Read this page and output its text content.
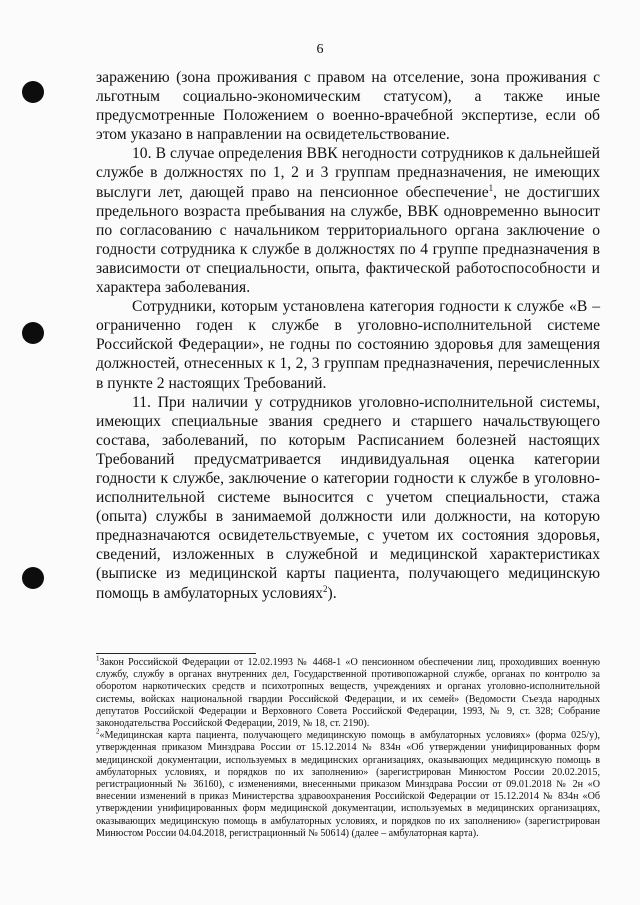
6

заражению (зона проживания с правом на отселение, зона проживания с льготным социально-экономическим статусом), а также иные предусмотренные Положением о военно-врачебной экспертизе, если об этом указано в направлении на освидетельствование.

10. В случае определения ВВК негодности сотрудников к дальнейшей службе в должностях по 1, 2 и 3 группам предназначения, не имеющих выслуги лет, дающей право на пенсионное обеспечение$^1$, не достигших предельного возраста пребывания на службе, ВВК одновременно выносит по согласованию с начальником территориального органа заключение о годности сотрудника к службе в должностях по 4 группе предназначения в зависимости от специальности, опыта, фактической работоспособности и характера заболевания.

Сотрудники, которым установлена категория годности к службе «В – ограниченно годен к службе в уголовно-исполнительной системе Российской Федерации», не годны по состоянию здоровья для замещения должностей, отнесенных к 1, 2, 3 группам предназначения, перечисленных в пункте 2 настоящих Требований.

11. При наличии у сотрудников уголовно-исполнительной системы, имеющих специальные звания среднего и старшего начальствующего состава, заболеваний, по которым Расписанием болезней настоящих Требований предусматривается индивидуальная оценка категории годности к службе, заключение о категории годности к службе в уголовно-исполнительной системе выносится с учетом специальности, стажа (опыта) службы в занимаемой должности или должности, на которую предназначаются освидетельствуемые, с учетом их состояния здоровья, сведений, изложенных в служебной и медицинской характеристиках (выписке из медицинской карты пациента, получающего медицинскую помощь в амбулаторных условиях$^2$).

$^1$Закон Российской Федерации от 12.02.1993 № 4468-1 «О пенсионном обеспечении лиц, проходивших военную службу, службу в органах внутренних дел, Государственной противопожарной службе, органах по контролю за оборотом наркотических средств и психотропных веществ, учреждениях и органах уголовно-исполнительной системы, войсках национальной гвардии Российской Федерации, и их семей» (Ведомости Съезда народных депутатов Российской Федерации и Верховного Совета Российской Федерации, 1993, № 9, ст. 328; Собрание законодательства Российской Федерации, 2019, № 18, ст. 2190).

$^2$«Медицинская карта пациента, получающего медицинскую помощь в амбулаторных условиях» (форма 025/у), утвержденная приказом Минздрава России от 15.12.2014 № 834н «Об утверждении унифицированных форм медицинской документации, используемых в медицинских организациях, оказывающих медицинскую помощь в амбулаторных условиях, и порядков по их заполнению» (зарегистрирован Минюстом России 20.02.2015, регистрационный № 36160), с изменениями, внесенными приказом Минздрава России от 09.01.2018 № 2н «О внесении изменений в приказ Министерства здравоохранения Российской Федерации от 15.12.2014 № 834н «Об утверждении унифицированных форм медицинской документации, используемых в медицинских организациях, оказывающих медицинскую помощь в амбулаторных условиях, и порядков по их заполнению» (зарегистрирован Минюстом России 04.04.2018, регистрационный № 50614) (далее – амбулаторная карта).
